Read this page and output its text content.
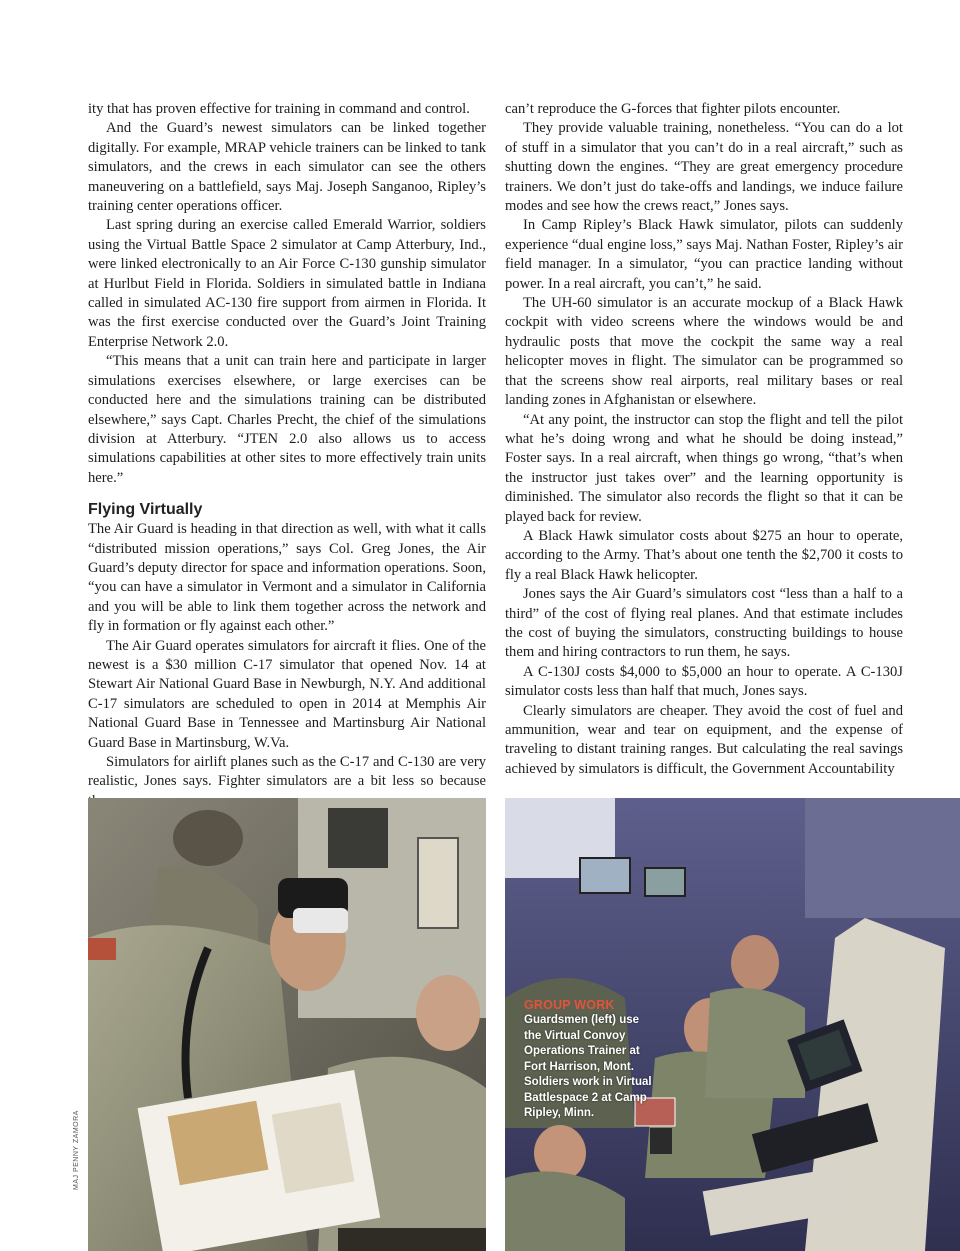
ity that has proven effective for training in command and control.

And the Guard’s newest simulators can be linked together digitally. For example, MRAP vehicle trainers can be linked to tank simulators, and the crews in each simulator can see the others maneuvering on a battlefield, says Maj. Joseph Sanganoo, Ripley’s training center operations officer.

Last spring during an exercise called Emerald Warrior, soldiers using the Virtual Battle Space 2 simulator at Camp Atterbury, Ind., were linked electronically to an Air Force C-130 gunship simulator at Hurlbut Field in Florida. Soldiers in simulated battle in Indiana called in simulated AC-130 fire support from airmen in Florida. It was the first exercise conducted over the Guard’s Joint Training Enterprise Network 2.0.

“This means that a unit can train here and participate in larger simulations exercises elsewhere, or large exercises can be conducted here and the simulations training can be distributed elsewhere,” says Capt. Charles Precht, the chief of the simulations division at Atterbury. “JTEN 2.0 also allows us to access simulations capabilities at other sites to more effectively train units here.”

Flying Virtually

The Air Guard is heading in that direction as well, with what it calls “distributed mission operations,” says Col. Greg Jones, the Air Guard’s deputy director for space and information operations. Soon, “you can have a simulator in Vermont and a simulator in California and you will be able to link them together across the network and fly in formation or fly against each other.”

The Air Guard operates simulators for aircraft it flies. One of the newest is a $30 million C-17 simulator that opened Nov. 14 at Stewart Air National Guard Base in Newburgh, N.Y. And additional C-17 simulators are scheduled to open in 2014 at Memphis Air National Guard Base in Tennessee and Martinsburg Air National Guard Base in Martinsburg, W.Va.

Simulators for airlift planes such as the C-17 and C-130 are very realistic, Jones says. Fighter simulators are a bit less so because

can’t reproduce the G-forces that fighter pilots encounter.

They provide valuable training, nonetheless. “You can do a lot of stuff in a simulator that you can’t do in a real aircraft,” such as shutting down the engines. “They are great emergency procedure trainers. We don’t just do take-offs and landings, we induce failure modes and see how the crews react,” Jones says.

In Camp Ripley’s Black Hawk simulator, pilots can suddenly experience “dual engine loss,” says Maj. Nathan Foster, Ripley’s air field manager. In a simulator, “you can practice landing without power. In a real aircraft, you can’t,” he said.

The UH-60 simulator is an accurate mockup of a Black Hawk cockpit with video screens where the windows would be and hydraulic posts that move the cockpit the same way a real helicopter moves in flight. The simulator can be programmed so that the screens show real airports, real military bases or real landing zones in Afghanistan or elsewhere.

“At any point, the instructor can stop the flight and tell the pilot what he’s doing wrong and what he should be doing instead,” Foster says. In a real aircraft, when things go wrong, “that’s when the instructor just takes over” and the learning opportunity is diminished. The simulator also records the flight so that it can be played back for review.

A Black Hawk simulator costs about $275 an hour to operate, according to the Army. That’s about one tenth the $2,700 it costs to fly a real Black Hawk helicopter.

Jones says the Air Guard’s simulators cost “less than a half to a third” of the cost of flying real planes. And that estimate includes the cost of buying the simulators, constructing buildings to house them and hiring contractors to run them, he says.

A C-130J costs $4,000 to $5,000 an hour to operate. A C-130J simulator costs less than half that much, Jones says.

Clearly simulators are cheaper. They avoid the cost of fuel and ammunition, wear and tear on equipment, and the expense of traveling to distant training ranges. But calculating the real savings achieved by simulators is difficult, the Government Accountability

MAJ PENNY ZAMORA
GROUP WORK
Guardsmen (left) use the Virtual Convoy Operations Trainer at Fort Harrison, Mont. Soldiers work in Virtual Battlespace 2 at Camp Ripley, Minn.
